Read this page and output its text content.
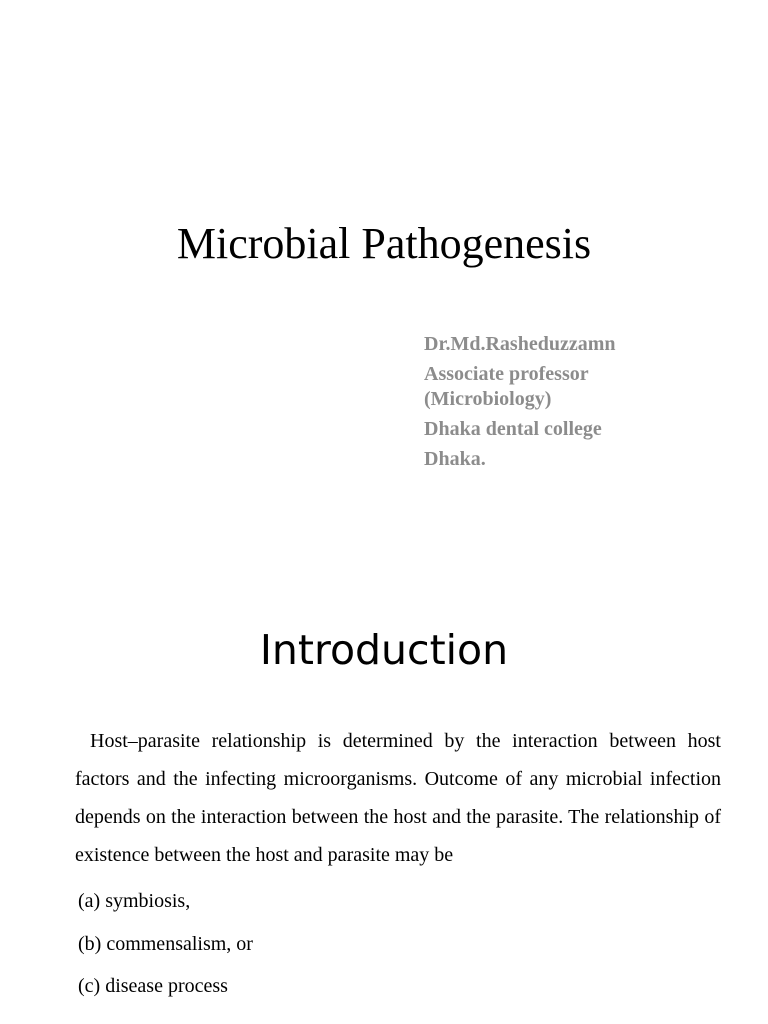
Microbial Pathogenesis
Dr.Md.Rasheduzzamn
Associate professor
(Microbiology)
Dhaka dental college
Dhaka.
Introduction

Host–parasite relationship is determined by the interaction between host factors and the infecting microorganisms. Outcome of any microbial infection depends on the interaction between the host and the parasite. The relationship of existence between the host and parasite may be

(a) symbiosis,
(b) commensalism, or
(c) disease process
